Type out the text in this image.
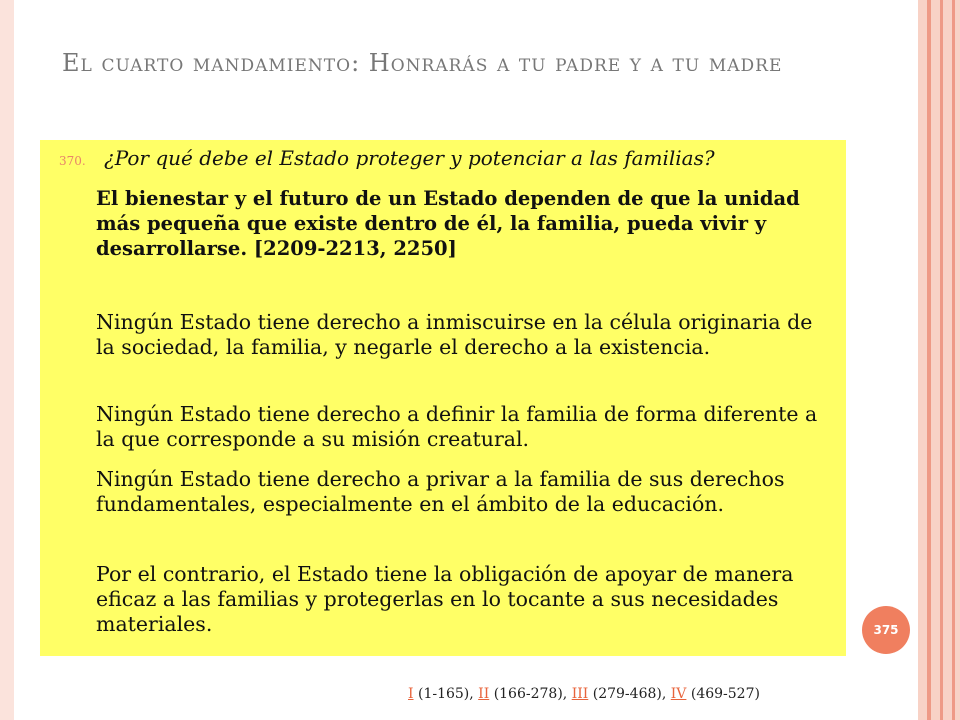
El cuarto mandamiento: Honrarás a tu padre y a tu madre
370. ¿Por qué debe el Estado proteger y potenciar a las familias?
El bienestar y el futuro de un Estado dependen de que la unidad más pequeña que existe dentro de él, la familia, pueda vivir y desarrollarse. [2209-2213, 2250]
Ningún Estado tiene derecho a inmiscuirse en la célula originaria de la sociedad, la familia, y negarle el derecho a la existencia.
Ningún Estado tiene derecho a definir la familia de forma diferente a la que corresponde a su misión creatural.
Ningún Estado tiene derecho a privar a la familia de sus derechos fundamentales, especialmente en el ámbito de la educación.
Por el contrario, el Estado tiene la obligación de apoyar de manera eficaz a las familias y protegerlas en lo tocante a sus necesidades materiales.	375
I (1-165), II (166-278), III (279-468), IV (469-527)
